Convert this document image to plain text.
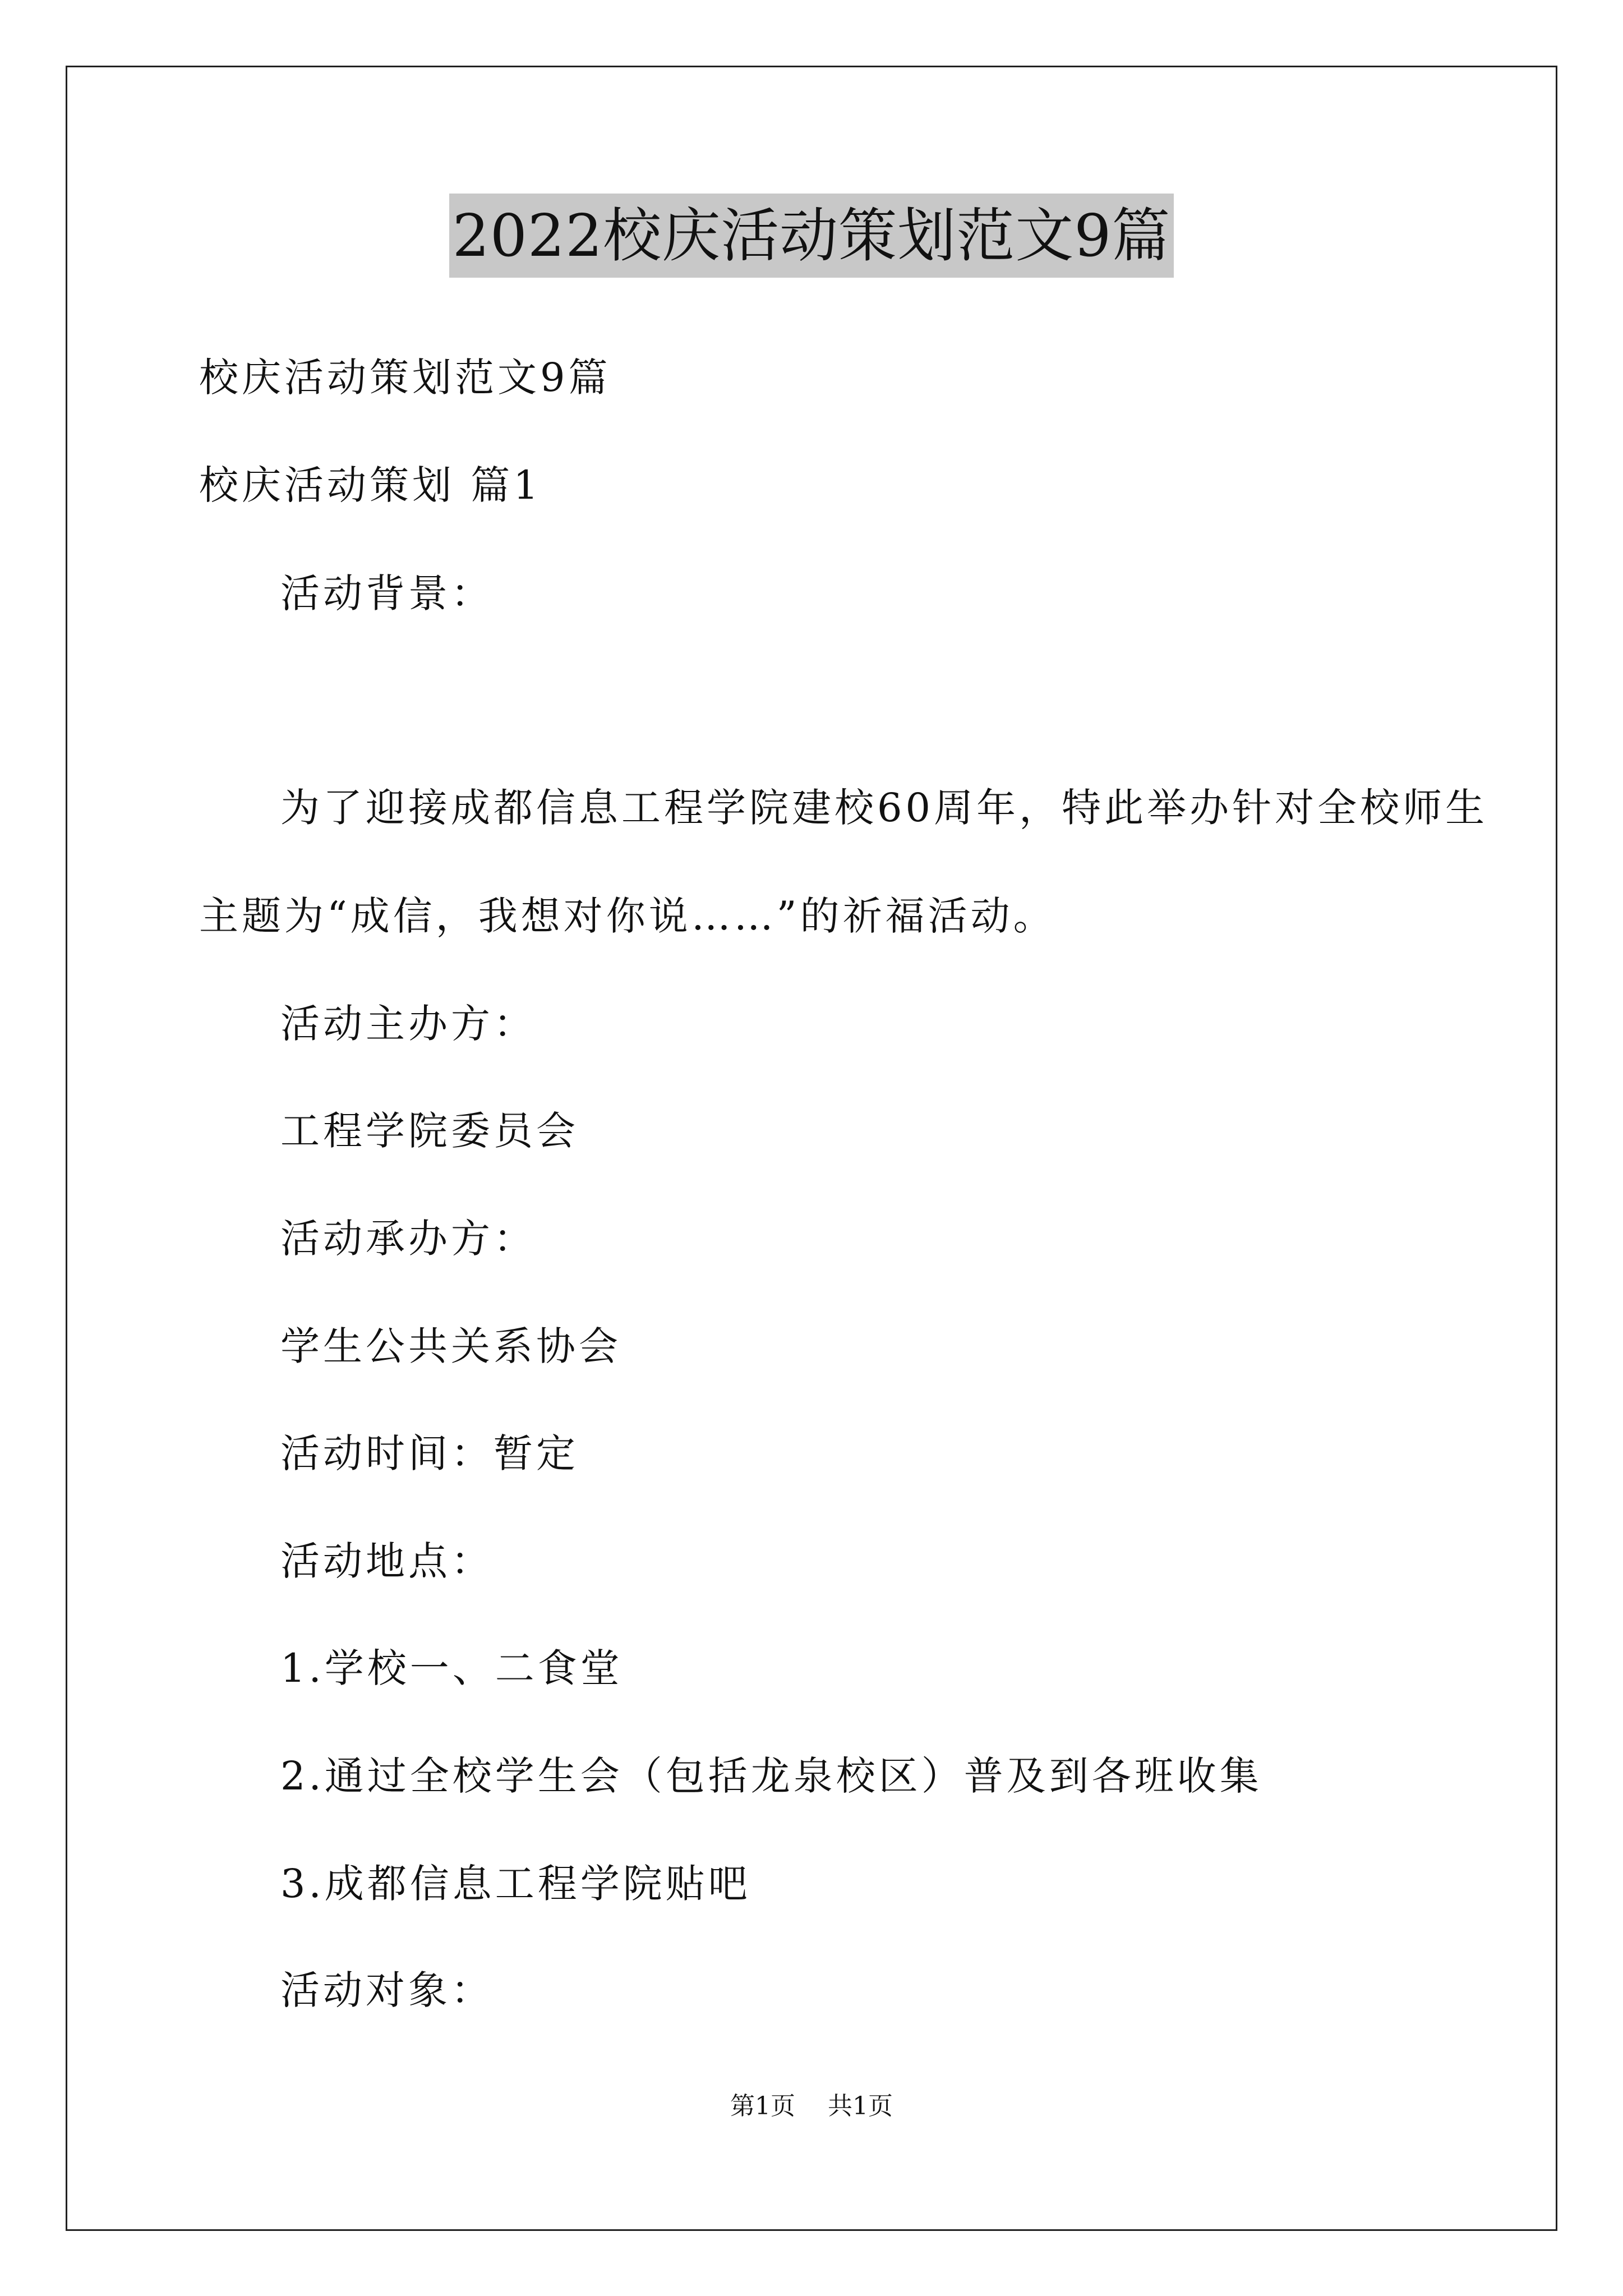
2022校庆活动策划范文9篇
校庆活动策划范文9篇
校庆活动策划 篇1
活动背景：
为了迎接成都信息工程学院建校60周年，特此举办针对全校师生
主题为“成信，我想对你说……”的祈福活动。
活动主办方：
工程学院委员会
活动承办方：
学生公共关系协会
活动时间：暂定
活动地点：
1.学校一、二食堂
2.通过全校学生会（包括龙泉校区）普及到各班收集
3.成都信息工程学院贴吧
活动对象：
第1页 共1页
